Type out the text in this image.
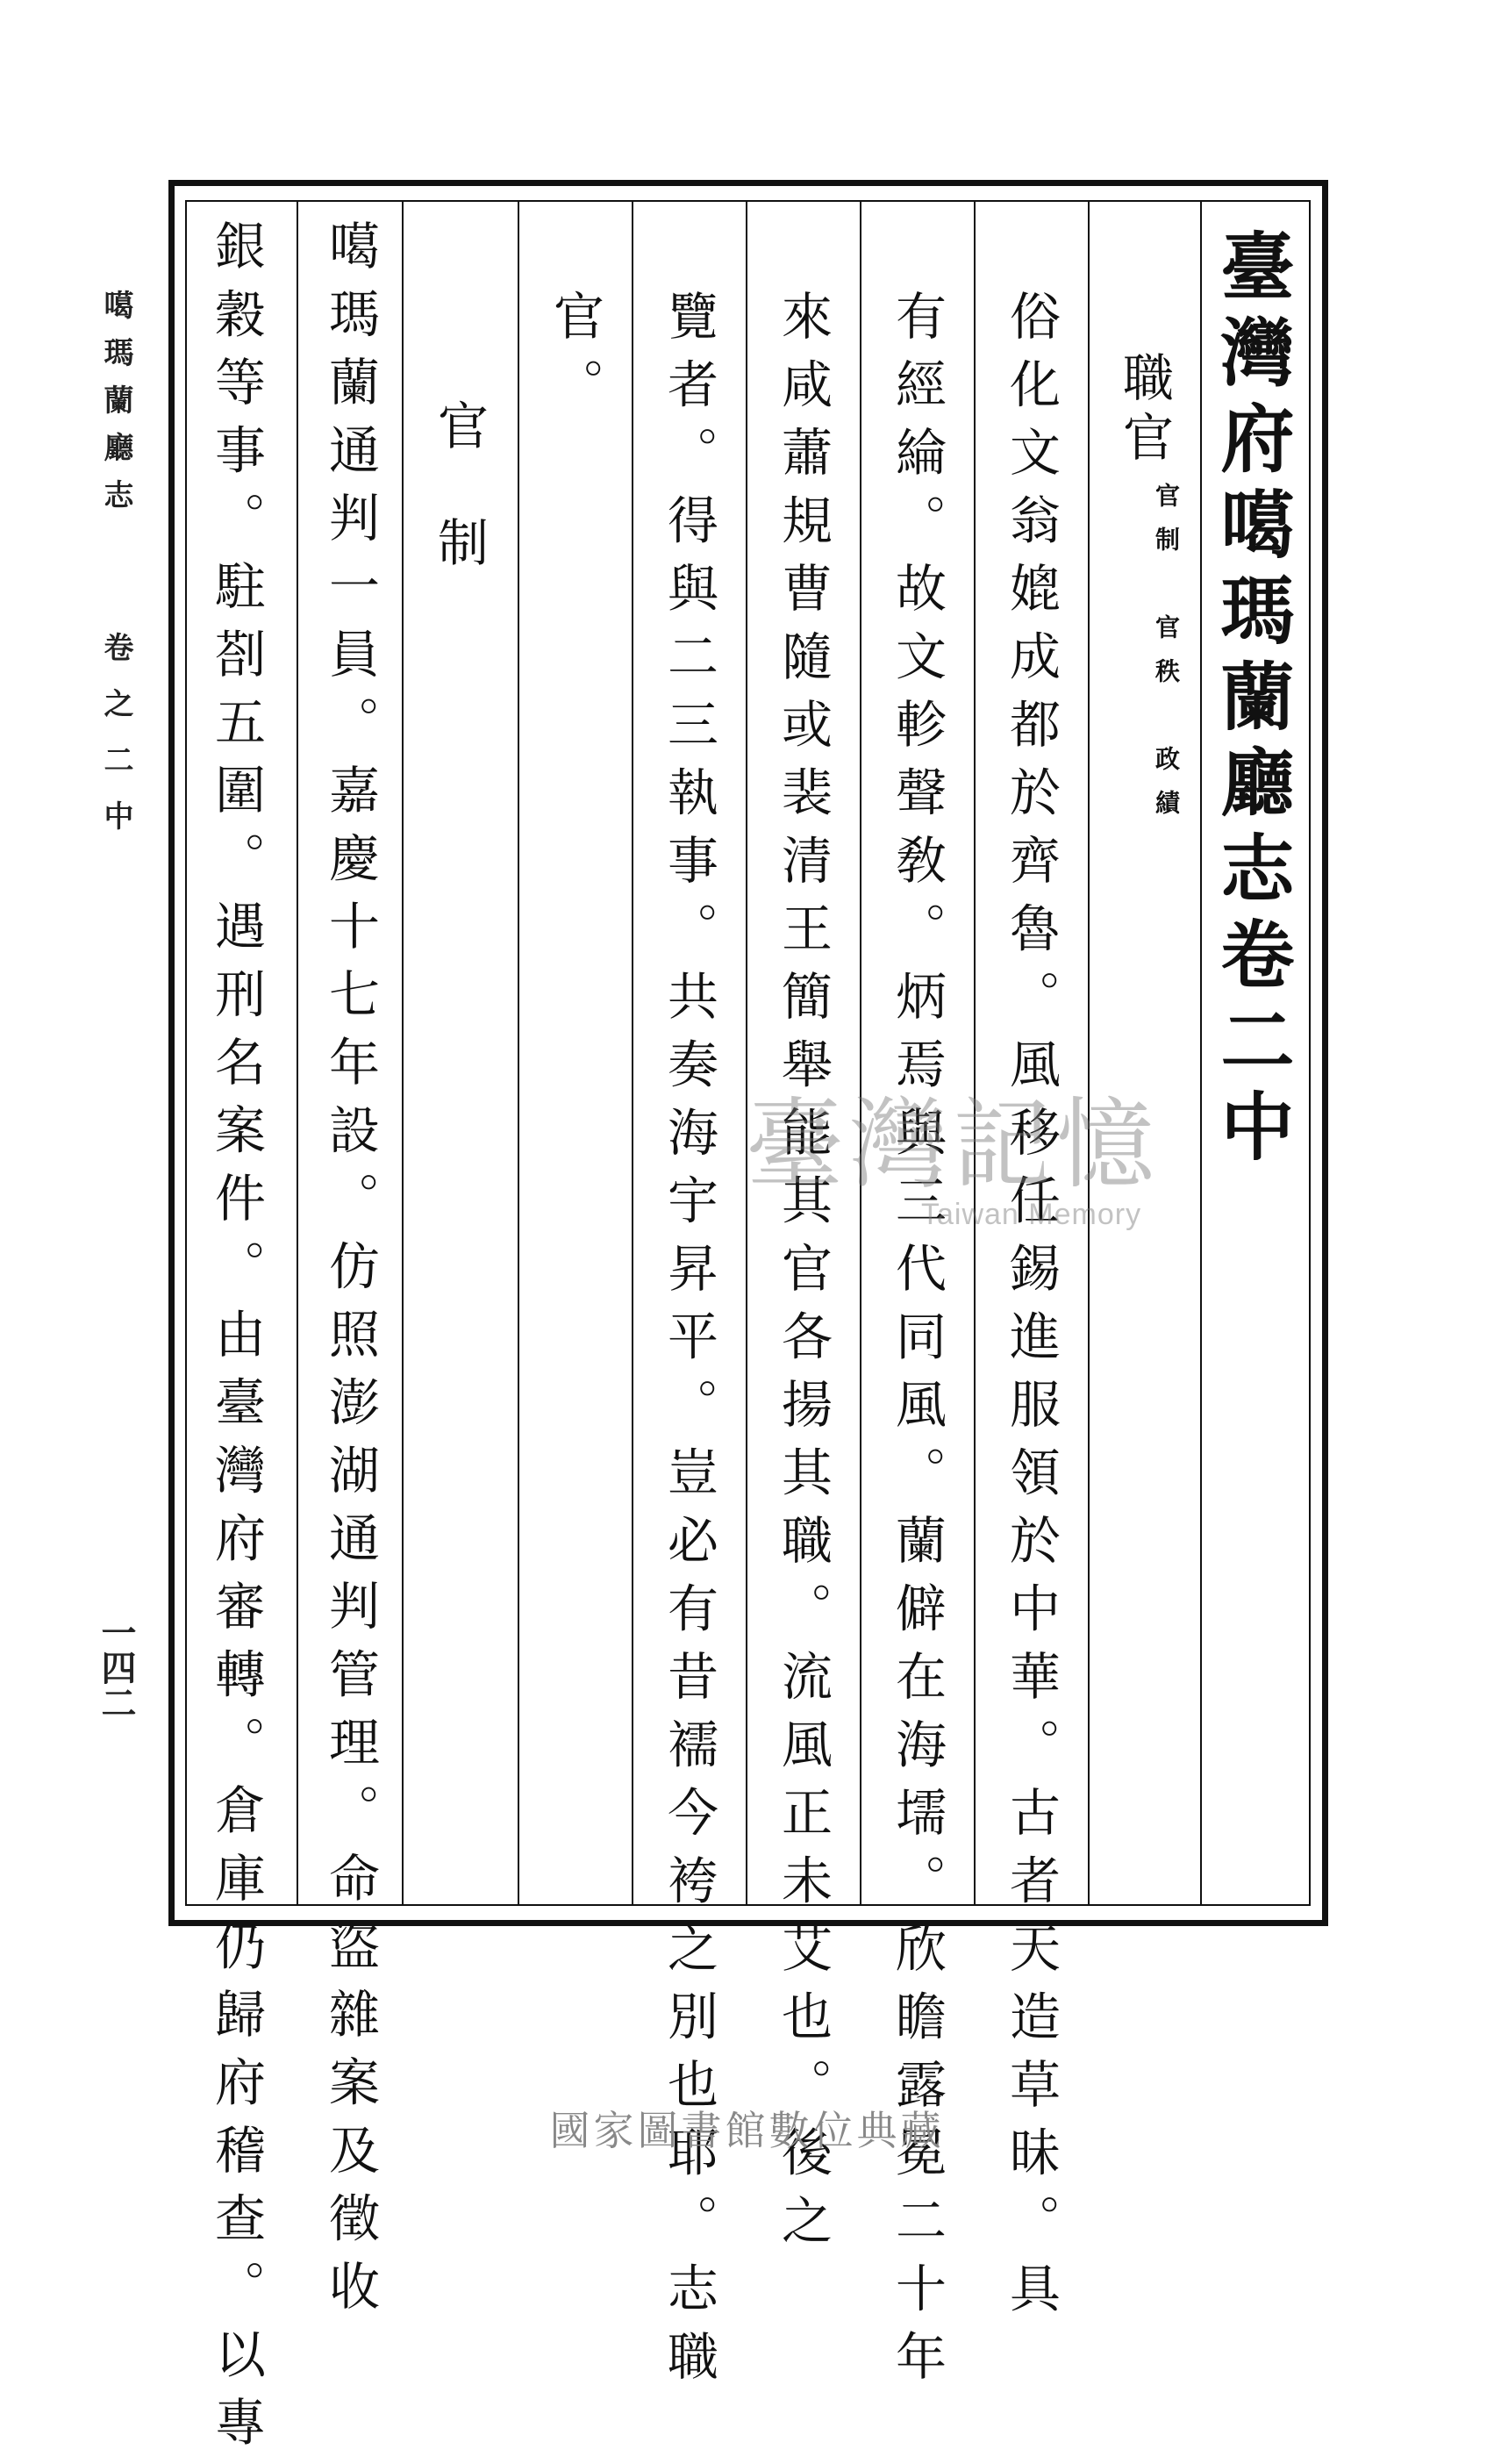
臺灣府噶瑪蘭廳志卷二中
職官
官制　官秩　政績
俗化文翁媲成都於齊魯。風移任錫進服領於中華。古者天造草昧。具
有經綸。故文軫聲敎。炳焉與三代同風。蘭僻在海壖。欣瞻露冕二十年
來咸蕭規曹隨或裴清王簡舉能其官各揚其職。流風正未艾也。後之
覽者。得與二三執事。共奏海宇昇平。豈必有昔襦今袴之別也耶。志職
官。
官制
噶瑪蘭通判一員。嘉慶十七年設。仿照澎湖通判管理。命盜雜案及徵收
銀穀等事。駐剳五圍。遇刑名案件。由臺灣府審轉。倉庫仍歸府稽查。以專
噶瑪蘭廳志
卷之二中
一四二
臺灣記憶
Taiwan Memory
國家圖書館數位典藏
